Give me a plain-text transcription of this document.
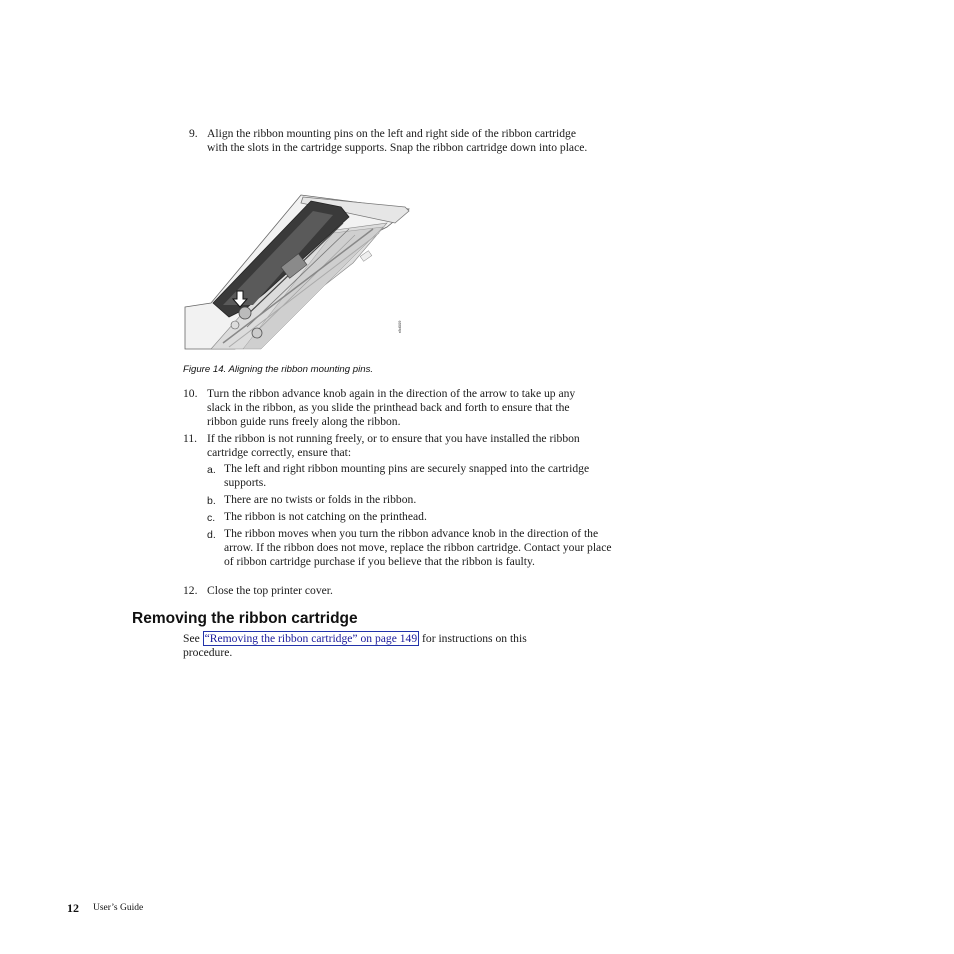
9. Align the ribbon mounting pins on the left and right side of the ribbon cartridge with the slots in the cartridge supports. Snap the ribbon cartridge down into place.
r8d009
Figure 14. Aligning the ribbon mounting pins.
10. Turn the ribbon advance knob again in the direction of the arrow to take up any slack in the ribbon, as you slide the printhead back and forth to ensure that the ribbon guide runs freely along the ribbon.
11. If the ribbon is not running freely, or to ensure that you have installed the ribbon cartridge correctly, ensure that:
a. The left and right ribbon mounting pins are securely snapped into the cartridge supports.
b. There are no twists or folds in the ribbon.
c. The ribbon is not catching on the printhead.
d. The ribbon moves when you turn the ribbon advance knob in the direction of the arrow. If the ribbon does not move, replace the ribbon cartridge. Contact your place of ribbon cartridge purchase if you believe that the ribbon is faulty.
12. Close the top printer cover.
Removing the ribbon cartridge
See “Removing the ribbon cartridge” on page 149 for instructions on this procedure.
12 User’s Guide
